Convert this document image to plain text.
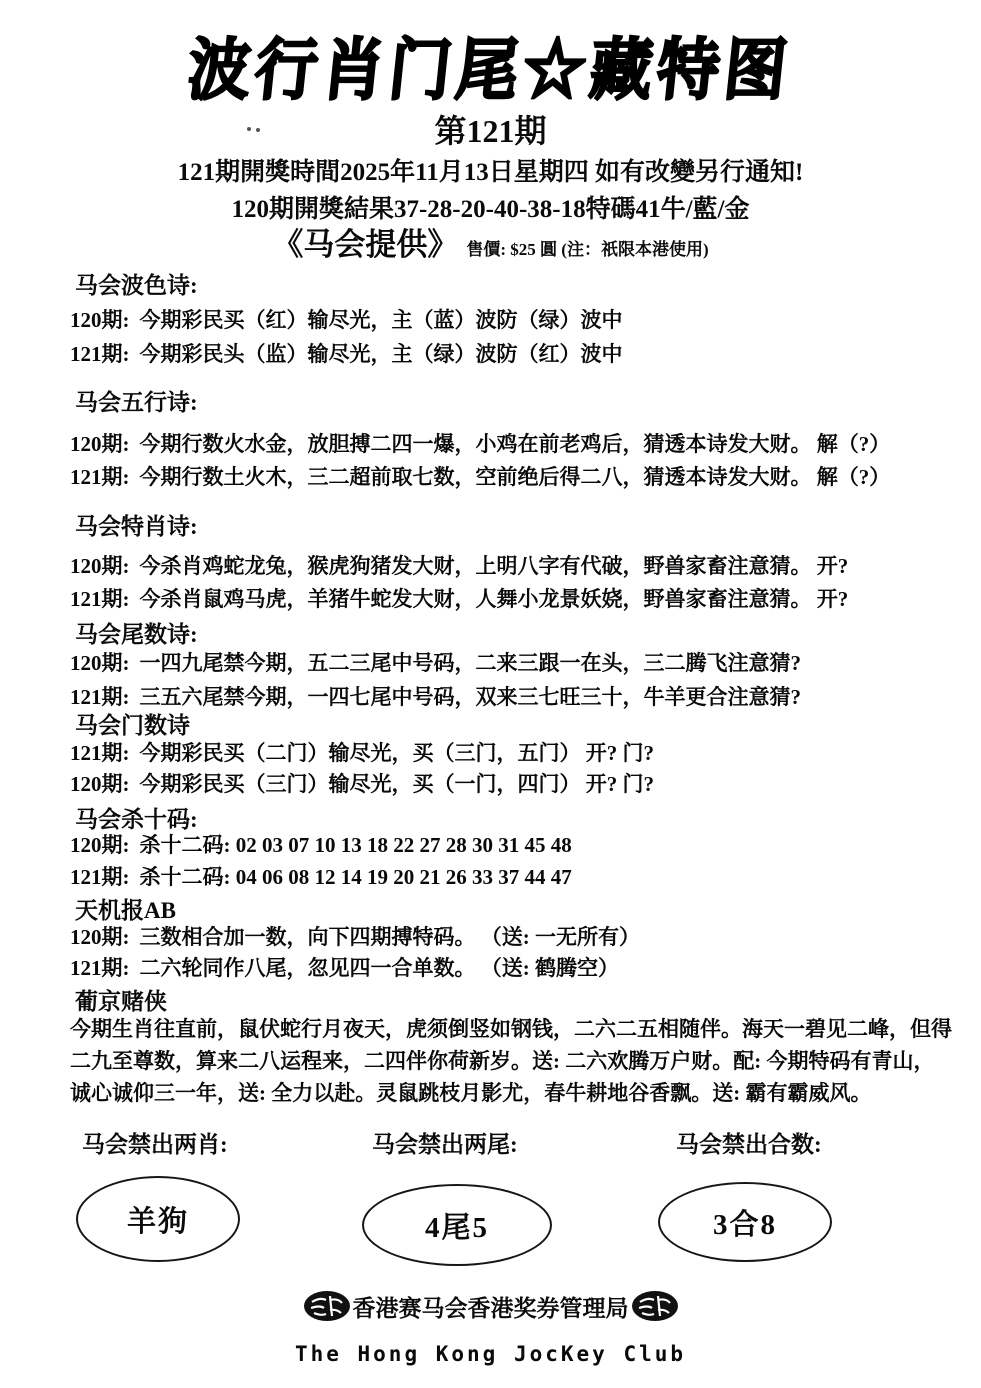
波行肖门尾☆藏特图
第121期
121期開獎時間2025年11月13日星期四 如有改變另行通知!
120期開獎結果37-28-20-40-38-18特碼41牛/藍/金
《马会提供》 售價: $25 圓 (注：祇限本港使用)
马会波色诗:
120期: 今期彩民买（红）输尽光，主（蓝）波防（绿）波中
121期: 今期彩民头（监）输尽光，主（绿）波防（红）波中
马会五行诗:
120期: 今期行数火水金，放胆搏二四一爆，小鸡在前老鸡后，猜透本诗发大财。 解（?）
121期: 今期行数土火木，三二超前取七数，空前绝后得二八，猜透本诗发大财。 解（?）
马会特肖诗:
120期: 今杀肖鸡蛇龙兔，猴虎狗猪发大财，上明八字有代破，野兽家畜注意猜。 开?
121期: 今杀肖鼠鸡马虎，羊猪牛蛇发大财，人舞小龙景妖娆，野兽家畜注意猜。 开?
马会尾数诗:
120期: 一四九尾禁今期，五二三尾中号码，二来三跟一在头，三二腾飞注意猜?
121期: 三五六尾禁今期，一四七尾中号码，双来三七旺三十，牛羊更合注意猜?
马会门数诗
121期: 今期彩民买（二门）输尽光，买（三门，五门） 开? 门?
120期: 今期彩民买（三门）输尽光，买（一门，四门） 开? 门?
马会杀十码:
120期: 杀十二码: 02 03 07 10 13 18 22 27 28 30 31 45 48
121期: 杀十二码: 04 06 08 12 14 19 20 21 26 33 37 44 47
天机报AB
120期: 三数相合加一数，向下四期搏特码。 （送: 一无所有）
121期: 二六轮同作八尾，忽见四一合单数。 （送: 鹤腾空）
葡京赌侠
今期生肖往直前，鼠伏蛇行月夜天，虎须倒竖如钢钱，二六二五相随伴。海天一碧见二峰，但得
二九至尊数，算来二八运程来，二四伴你荷新岁。送: 二六欢腾万户财。配: 今期特码有青山，
诚心诚仰三一年，送: 全力以赴。灵鼠跳枝月影尤，春牛耕地谷香飘。送: 霸有霸威风。
马会禁出两肖:	马会禁出两尾:	马会禁出合数:
羊狗	4尾5	3合8
香港赛马会香港奖券管理局
The Hong Kong JocKey Club
